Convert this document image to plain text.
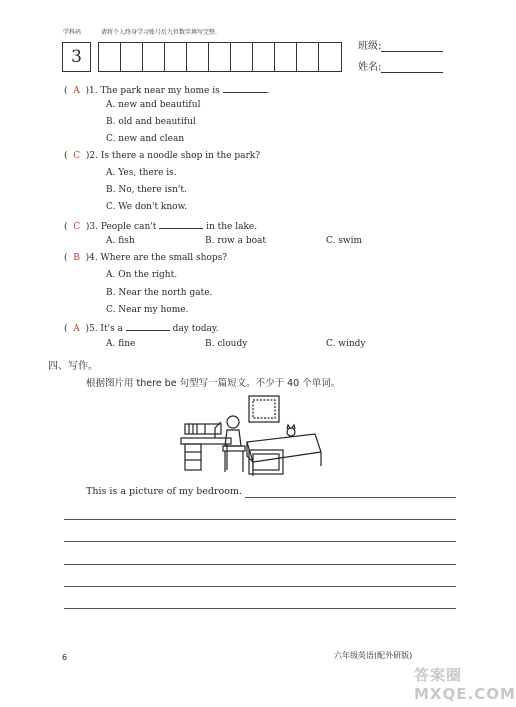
学科码	请将个人终身学习账号后九位数字填写完整.
3
班级:
姓名:
(  A )1. The park near my home is	.
A. new and beautiful
B. old and beautiful
C. new and clean
(  C )2. Is there a noodle shop in the park?
A. Yes, there is.
B. No, there isn't.
C. We don't know.
(  C )3. People can't	in the lake.
A. fish	B. row a boat	C. swim
(  B )4. Where are the small shops?
A. On the right.
B. Near the north gate.
C. Near my home.
(  A )5. It's a	day today.
A. fine	B. cloudy	C. windy
四、写作。
根据图片用 there be 句型写一篇短文。不少于 40 个单词。
This is a picture of my bedroom.
6	六年级英语(配外研版)
答案圈 MXQE.COM
